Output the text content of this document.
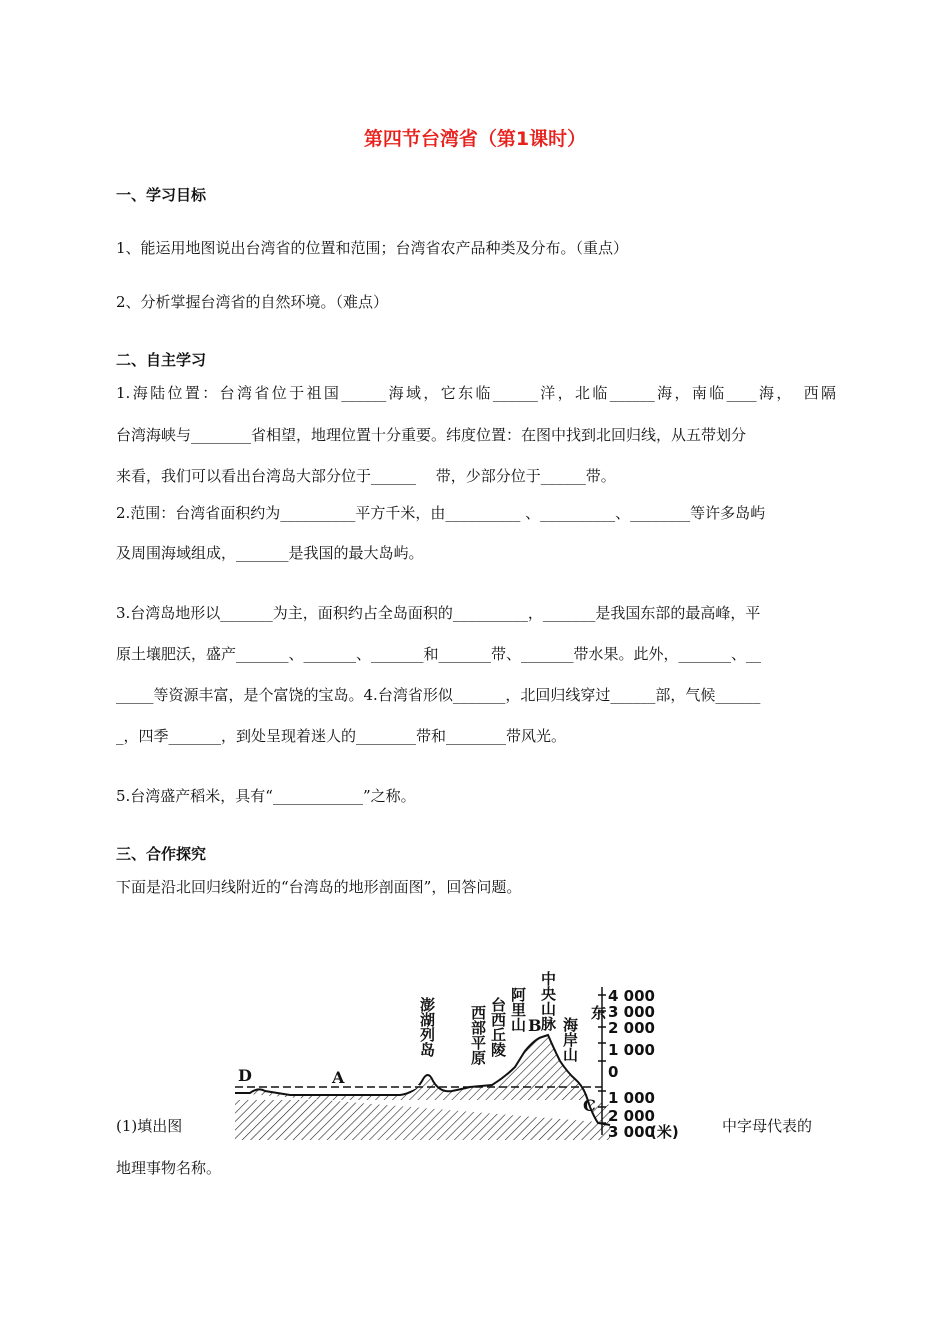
第四节台湾省（第1课时）
一、学习目标
1、能运用地图说出台湾省的位置和范围；台湾省农产品种类及分布。（重点）
2、分析掌握台湾省的自然环境。（难点）
二、自主学习
1.海陆位置：台湾省位于祖国______海域，它东临______洋，北临______海，南临____海，　西隔
台湾海峡与________省相望，地理位置十分重要。纬度位置：在图中找到北回归线，从五带划分
来看，我们可以看出台湾岛大部分位于______　 带，少部分位于______带。
2.范围：台湾省面积约为__________平方千米，由__________ 、__________、________等许多岛屿
及周围海域组成，_______是我国的最大岛屿。
3.台湾岛地形以_______为主，面积约占全岛面积的__________，_______是我国东部的最高峰，平
原土壤肥沃，盛产_______、_______、_______和_______带、_______带水果。此外，_______、__
_____等资源丰富，是个富饶的宝岛。4.台湾省形似_______，北回归线穿过______部，气候______
_，四季_______，到处呈现着迷人的________带和________带风光。
5.台湾盛产稻米，具有“____________”之称。
三、合作探究
下面是沿北回归线附近的“台湾岛的地形剖面图”，回答问题。
4 000
3 000
2 000
1 000
0
1 000
2 000
3 000
(米)
D	A
B
C
澎湖列岛 西部平原 台西丘陵 阿里山 中央山脉
海岸山
东
(1)填出图	中字母代表的
地理事物名称。
